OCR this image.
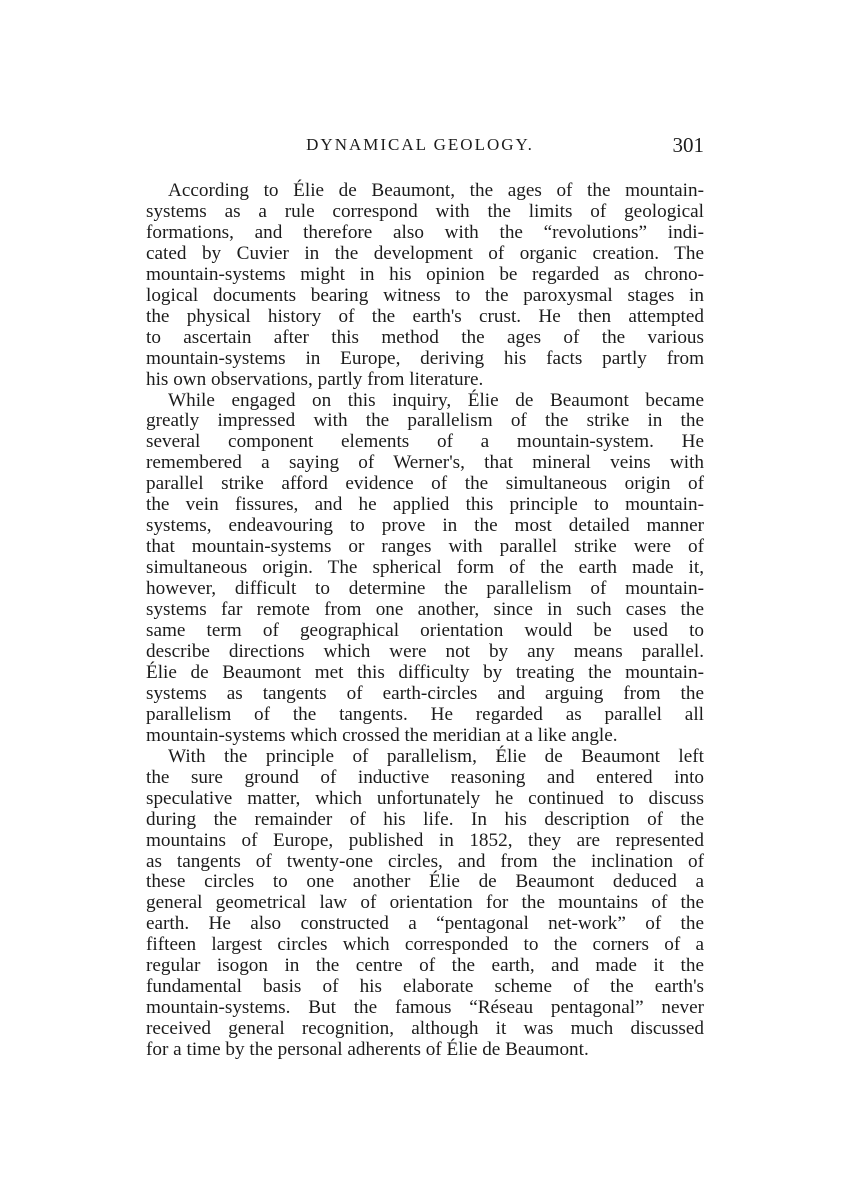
DYNAMICAL GEOLOGY.	301

According to Élie de Beaumont, the ages of the mountain-
systems as a rule correspond with the limits of geological
formations, and therefore also with the “revolutions” indi-
cated by Cuvier in the development of organic creation. The
mountain-systems might in his opinion be regarded as chrono-
logical documents bearing witness to the paroxysmal stages in
the physical history of the earth's crust. He then attempted
to ascertain after this method the ages of the various
mountain-systems in Europe, deriving his facts partly from
his own observations, partly from literature.

While engaged on this inquiry, Élie de Beaumont became
greatly impressed with the parallelism of the strike in the
several component elements of a mountain-system. He
remembered a saying of Werner's, that mineral veins with
parallel strike afford evidence of the simultaneous origin of
the vein fissures, and he applied this principle to mountain-
systems, endeavouring to prove in the most detailed manner
that mountain-systems or ranges with parallel strike were of
simultaneous origin. The spherical form of the earth made it,
however, difficult to determine the parallelism of mountain-
systems far remote from one another, since in such cases the
same term of geographical orientation would be used to
describe directions which were not by any means parallel.
Élie de Beaumont met this difficulty by treating the mountain-
systems as tangents of earth-circles and arguing from the
parallelism of the tangents. He regarded as parallel all
mountain-systems which crossed the meridian at a like angle.

With the principle of parallelism, Élie de Beaumont left
the sure ground of inductive reasoning and entered into
speculative matter, which unfortunately he continued to discuss
during the remainder of his life. In his description of the
mountains of Europe, published in 1852, they are represented
as tangents of twenty-one circles, and from the inclination of
these circles to one another Élie de Beaumont deduced a
general geometrical law of orientation for the mountains of the
earth. He also constructed a “pentagonal net-work” of the
fifteen largest circles which corresponded to the corners of a
regular isogon in the centre of the earth, and made it the
fundamental basis of his elaborate scheme of the earth's
mountain-systems. But the famous “Réseau pentagonal” never
received general recognition, although it was much discussed
for a time by the personal adherents of Élie de Beaumont.
